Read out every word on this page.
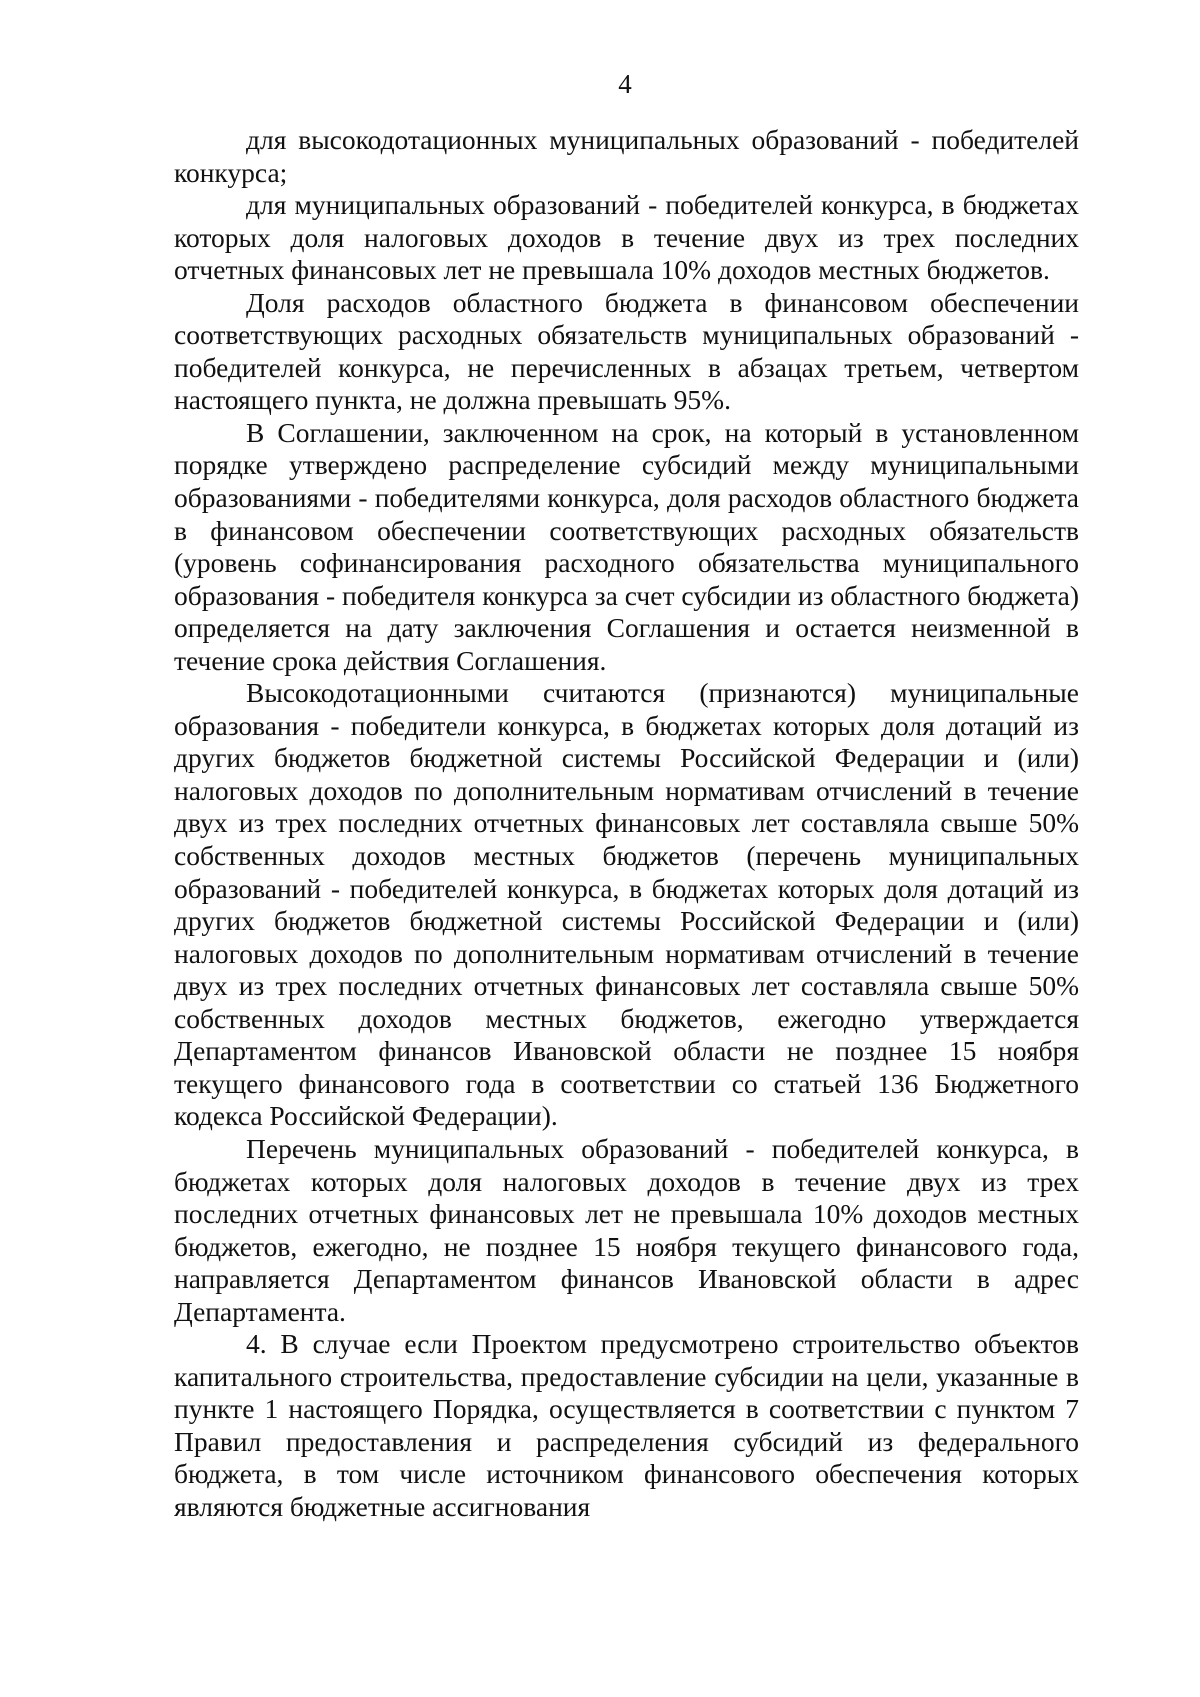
4

для высокодотационных муниципальных образований - победителей конкурса;

для муниципальных образований - победителей конкурса, в бюджетах которых доля налоговых доходов в течение двух из трех последних отчетных финансовых лет не превышала 10% доходов местных бюджетов.

Доля расходов областного бюджета в финансовом обеспечении соответствующих расходных обязательств муниципальных образований - победителей конкурса, не перечисленных в абзацах третьем, четвертом настоящего пункта, не должна превышать 95%.

В Соглашении, заключенном на срок, на который в установленном порядке утверждено распределение субсидий между муниципальными образованиями - победителями конкурса, доля расходов областного бюджета в финансовом обеспечении соответствующих расходных обязательств (уровень софинансирования расходного обязательства муниципального образования - победителя конкурса за счет субсидии из областного бюджета) определяется на дату заключения Соглашения и остается неизменной в течение срока действия Соглашения.

Высокодотационными считаются (признаются) муниципальные образования - победители конкурса, в бюджетах которых доля дотаций из других бюджетов бюджетной системы Российской Федерации и (или) налоговых доходов по дополнительным нормативам отчислений в течение двух из трех последних отчетных финансовых лет составляла свыше 50% собственных доходов местных бюджетов (перечень муниципальных образований - победителей конкурса, в бюджетах которых доля дотаций из других бюджетов бюджетной системы Российской Федерации и (или) налоговых доходов по дополнительным нормативам отчислений в течение двух из трех последних отчетных финансовых лет составляла свыше 50% собственных доходов местных бюджетов, ежегодно утверждается Департаментом финансов Ивановской области не позднее 15 ноября текущего финансового года в соответствии со статьей 136 Бюджетного кодекса Российской Федерации).

Перечень муниципальных образований - победителей конкурса, в бюджетах которых доля налоговых доходов в течение двух из трех последних отчетных финансовых лет не превышала 10% доходов местных бюджетов, ежегодно, не позднее 15 ноября текущего финансового года, направляется Департаментом финансов Ивановской области в адрес Департамента.

4. В случае если Проектом предусмотрено строительство объектов капитального строительства, предоставление субсидии на цели, указанные в пункте 1 настоящего Порядка, осуществляется в соответствии с пунктом 7 Правил предоставления и распределения субсидий из федерального бюджета, в том числе источником финансового обеспечения которых являются бюджетные ассигнования
